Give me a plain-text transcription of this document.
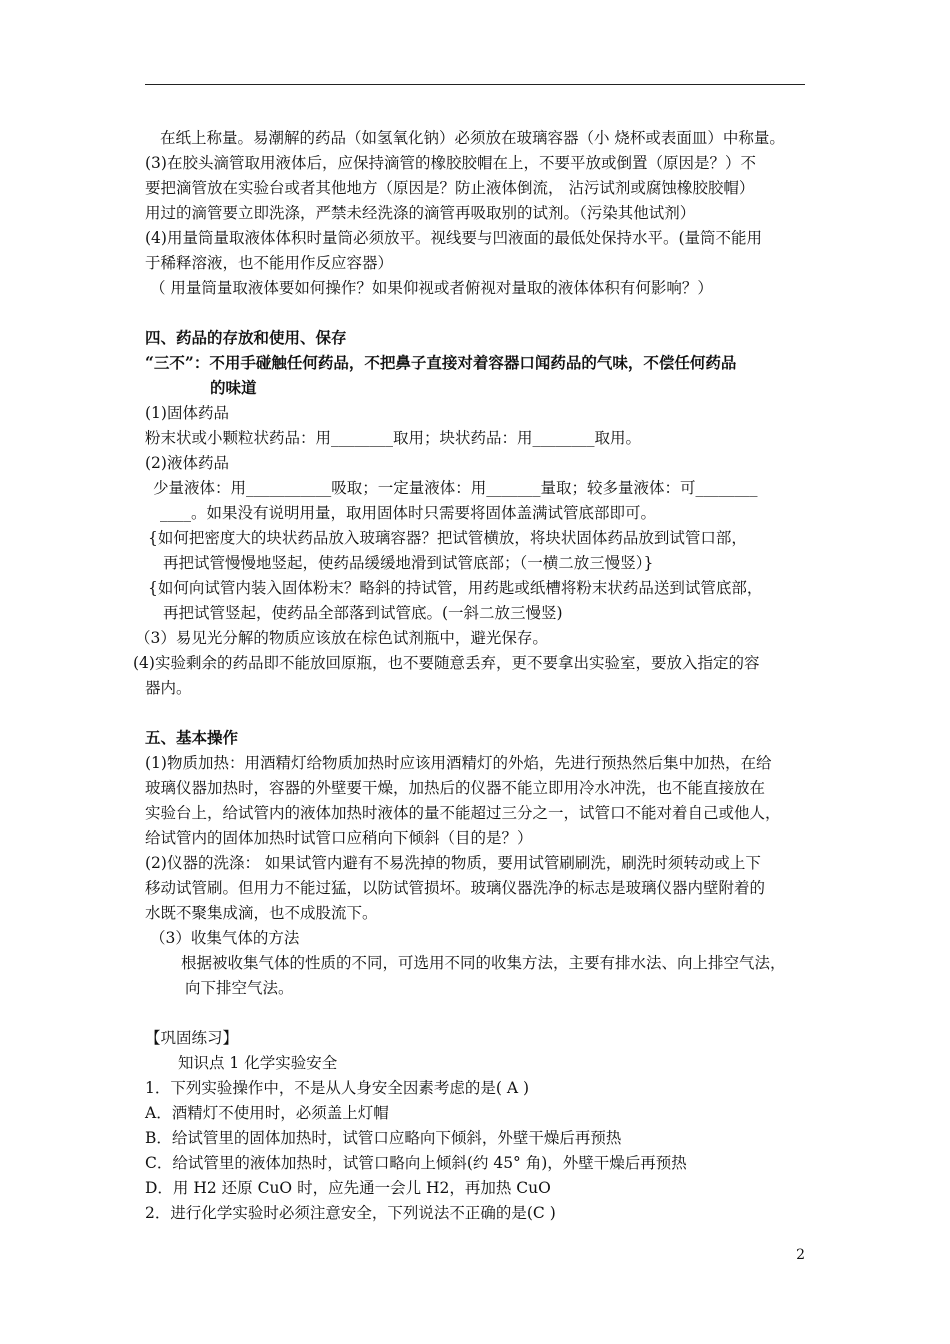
在纸上称量。易潮解的药品（如氢氧化钠）必须放在玻璃容器（小 烧杯或表面皿）中称量。
(3)在胶头滴管取用液体后，应保持滴管的橡胶胶帽在上，不要平放或倒置（原因是？）不
要把滴管放在实验台或者其他地方（原因是？防止液体倒流， 沾污试剂或腐蚀橡胶胶帽）
用过的滴管要立即洗涤，严禁未经洗涤的滴管再吸取别的试剂。（污染其他试剂）
(4)用量筒量取液体体积时量筒必须放平。视线要与凹液面的最低处保持水平。(量筒不能用
于稀释溶液，也不能用作反应容器）
（ 用量筒量取液体要如何操作？如果仰视或者俯视对量取的液体体积有何影响？）
四、药品的存放和使用、保存
“三不”：不用手碰触任何药品，不把鼻子直接对着容器口闻药品的气味，不偿任何药品
的味道
(1)固体药品
粉末状或小颗粒状药品：用________取用；块状药品：用________取用。
(2)液体药品
少量液体：用___________吸取；一定量液体：用_______量取；较多量液体：可________
____。如果没有说明用量，取用固体时只需要将固体盖满试管底部即可。
{如何把密度大的块状药品放入玻璃容器？把试管横放，将块状固体药品放到试管口部，
再把试管慢慢地竖起，使药品缓缓地滑到试管底部；（一横二放三慢竖）}
{如何向试管内装入固体粉末？略斜的持试管，用药匙或纸槽将粉末状药品送到试管底部，
再把试管竖起，使药品全部落到试管底。(一斜二放三慢竖)
（3）易见光分解的物质应该放在棕色试剂瓶中，避光保存。
(4)实验剩余的药品即不能放回原瓶，也不要随意丢弃，更不要拿出实验室，要放入指定的容
器内。
五、基本操作
(1)物质加热：用酒精灯给物质加热时应该用酒精灯的外焰，先进行预热然后集中加热，在给
玻璃仪器加热时，容器的外壁要干燥，加热后的仪器不能立即用冷水冲洗，也不能直接放在
实验台上，给试管内的液体加热时液体的量不能超过三分之一，试管口不能对着自己或他人，
给试管内的固体加热时试管口应稍向下倾斜（目的是？）
(2)仪器的洗涤： 如果试管内避有不易洗掉的物质，要用试管刷刷洗，刷洗时须转动或上下
移动试管刷。但用力不能过猛，以防试管损坏。玻璃仪器洗净的标志是玻璃仪器内壁附着的
水既不聚集成滴，也不成股流下。
（3）收集气体的方法
根据被收集气体的性质的不同，可选用不同的收集方法，主要有排水法、向上排空气法，
向下排空气法。
【巩固练习】
知识点 1 化学实验安全
1．下列实验操作中，不是从人身安全因素考虑的是( A )
A．酒精灯不使用时，必须盖上灯帽
B．给试管里的固体加热时，试管口应略向下倾斜，外壁干燥后再预热
C．给试管里的液体加热时，试管口略向上倾斜(约 45° 角)，外壁干燥后再预热
D．用 H2 还原 CuO 时，应先通一会儿 H2，再加热 CuO
2．进行化学实验时必须注意安全，下列说法不正确的是(C )
2
